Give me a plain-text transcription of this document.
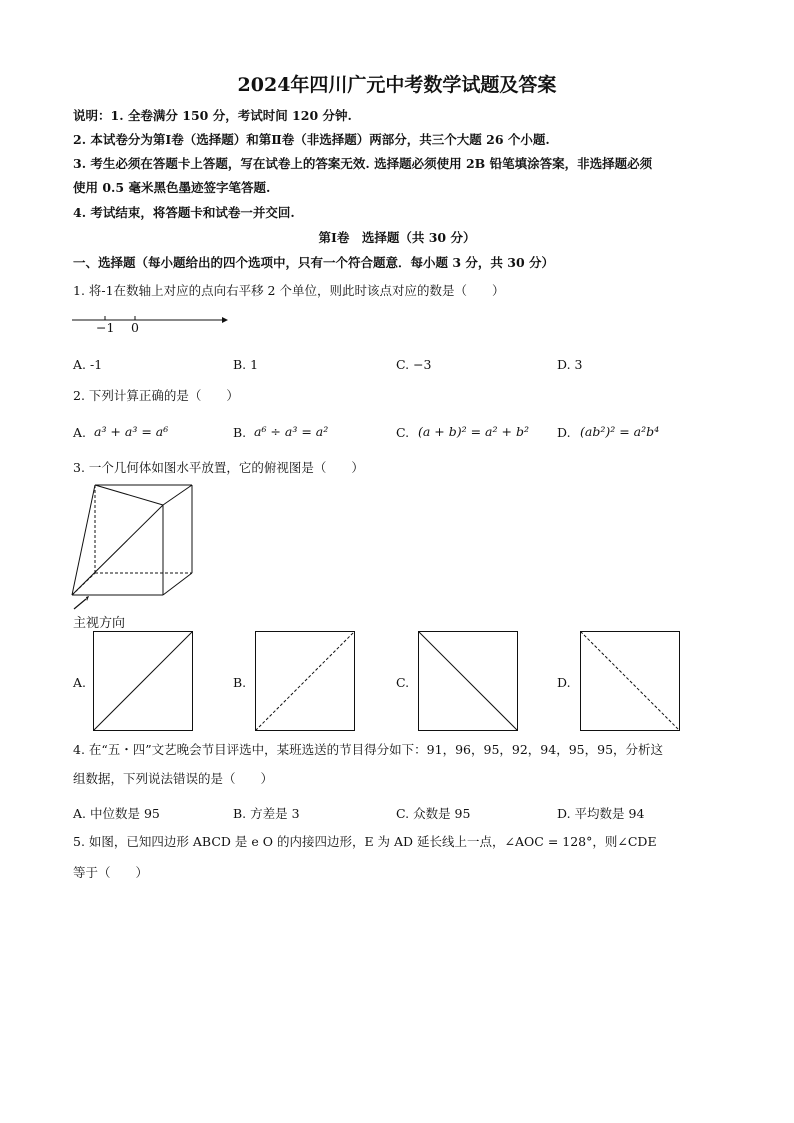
2024年四川广元中考数学试题及答案
说明：1. 全卷满分 150 分，考试时间 120 分钟.
2. 本试卷分为第Ⅰ卷（选择题）和第Ⅱ卷（非选择题）两部分，共三个大题 26 个小题.
3. 考生必须在答题卡上答题，写在试卷上的答案无效. 选择题必须使用 2B 铅笔填涂答案，非选择题必须
使用 0.5 毫米黑色墨迹签字笔答题.
4. 考试结束，将答题卡和试卷一并交回.
第Ⅰ卷　选择题（共 30 分）
一、选择题（每小题给出的四个选项中，只有一个符合题意．每小题 3 分，共 30 分）
1. 将-1在数轴上对应的点向右平移 2 个单位，则此时该点对应的数是（　　）
−1 0
A. -1	B. 1	C. −3	D. 3
2. 下列计算正确的是（　　）
A. a³ + a³ = a⁶	B. a⁶ ÷ a³ = a²	C. (a + b)² = a² + b² D. (ab²)² = a²b⁴
3. 一个几何体如图水平放置，它的俯视图是（　　）
主视方向
A.	B.	C.	D.
4. 在“五・四”文艺晚会节目评选中，某班选送的节目得分如下：91，96，95，92，94，95，95，分析这
组数据，下列说法错误的是（　　）
A. 中位数是 95	B. 方差是 3	C. 众数是 95	D. 平均数是 94
5. 如图，已知四边形 ABCD 是 e O 的内接四边形，E 为 AD 延长线上一点，∠AOC = 128°，则∠CDE
等于（　　）
